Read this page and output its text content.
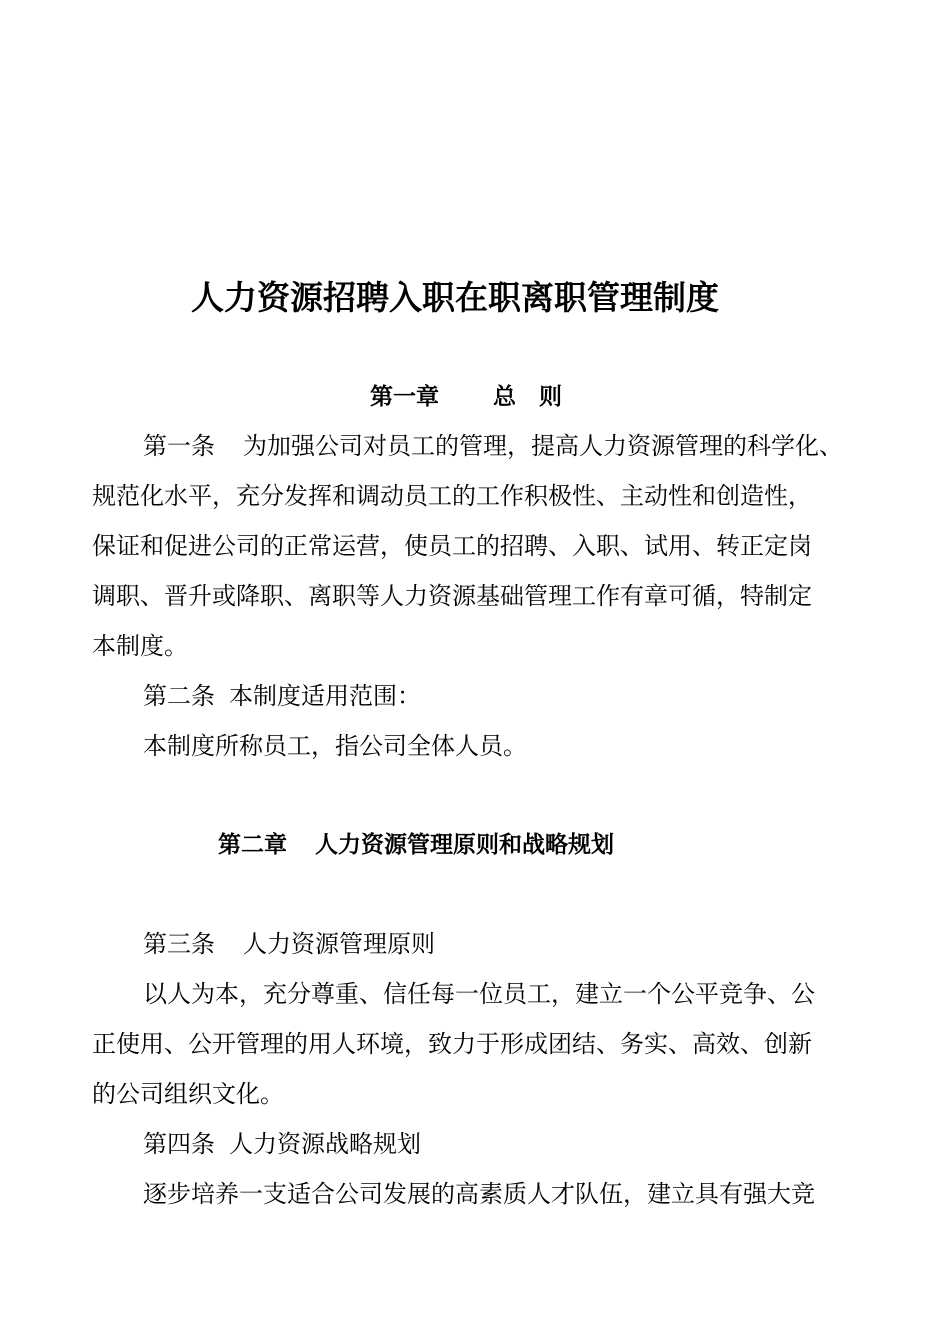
人力资源招聘入职在职离职管理制度
第一章 总　则
第一条 为加强公司对员工的管理，提高人力资源管理的科学化、
规范化水平，充分发挥和调动员工的工作积极性、主动性和创造性，
保证和促进公司的正常运营，使员工的招聘、入职、试用、转正定岗
调职、晋升或降职、离职等人力资源基础管理工作有章可循，特制定
本制度。
第二条 本制度适用范围：
本制度所称员工，指公司全体人员。
第二章 人力资源管理原则和战略规划
第三条 人力资源管理原则
以人为本，充分尊重、信任每一位员工，建立一个公平竞争、公
正使用、公开管理的用人环境，致力于形成团结、务实、高效、创新
的公司组织文化。
第四条 人力资源战略规划
逐步培养一支适合公司发展的高素质人才队伍，建立具有强大竞
